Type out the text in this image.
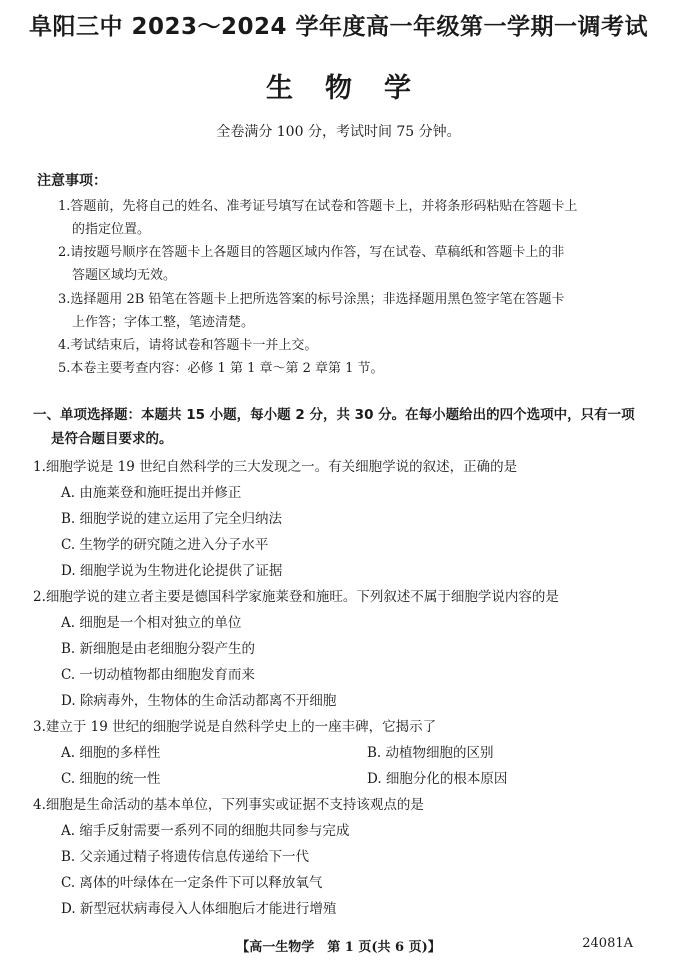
阜阳三中 2023～2024 学年度高一年级第一学期一调考试
生物学
全卷满分 100 分，考试时间 75 分钟。
注意事项：
1.答题前，先将自己的姓名、准考证号填写在试卷和答题卡上，并将条形码粘贴在答题卡上
的指定位置。
2.请按题号顺序在答题卡上各题目的答题区域内作答，写在试卷、草稿纸和答题卡上的非
答题区域均无效。
3.选择题用 2B 铅笔在答题卡上把所选答案的标号涂黑；非选择题用黑色签字笔在答题卡
上作答；字体工整，笔迹清楚。
4.考试结束后，请将试卷和答题卡一并上交。
5.本卷主要考查内容：必修 1 第 1 章～第 2 章第 1 节。
一、单项选择题：本题共 15 小题，每小题 2 分，共 30 分。在每小题给出的四个选项中，只有一项
是符合题目要求的。
1.细胞学说是 19 世纪自然科学的三大发现之一。有关细胞学说的叙述，正确的是
A. 由施莱登和施旺提出并修正
B. 细胞学说的建立运用了完全归纳法
C. 生物学的研究随之进入分子水平
D. 细胞学说为生物进化论提供了证据
2.细胞学说的建立者主要是德国科学家施莱登和施旺。下列叙述不属于细胞学说内容的是
A. 细胞是一个相对独立的单位
B. 新细胞是由老细胞分裂产生的
C. 一切动植物都由细胞发育而来
D. 除病毒外，生物体的生命活动都离不开细胞
3.建立于 19 世纪的细胞学说是自然科学史上的一座丰碑，它揭示了
A. 细胞的多样性	B. 动植物细胞的区别
C. 细胞的统一性	D. 细胞分化的根本原因
4.细胞是生命活动的基本单位，下列事实或证据不支持该观点的是
A. 缩手反射需要一系列不同的细胞共同参与完成
B. 父亲通过精子将遗传信息传递给下一代
C. 离体的叶绿体在一定条件下可以释放氧气
D. 新型冠状病毒侵入人体细胞后才能进行增殖
【高一生物学　第 1 页(共 6 页)】	24081A
